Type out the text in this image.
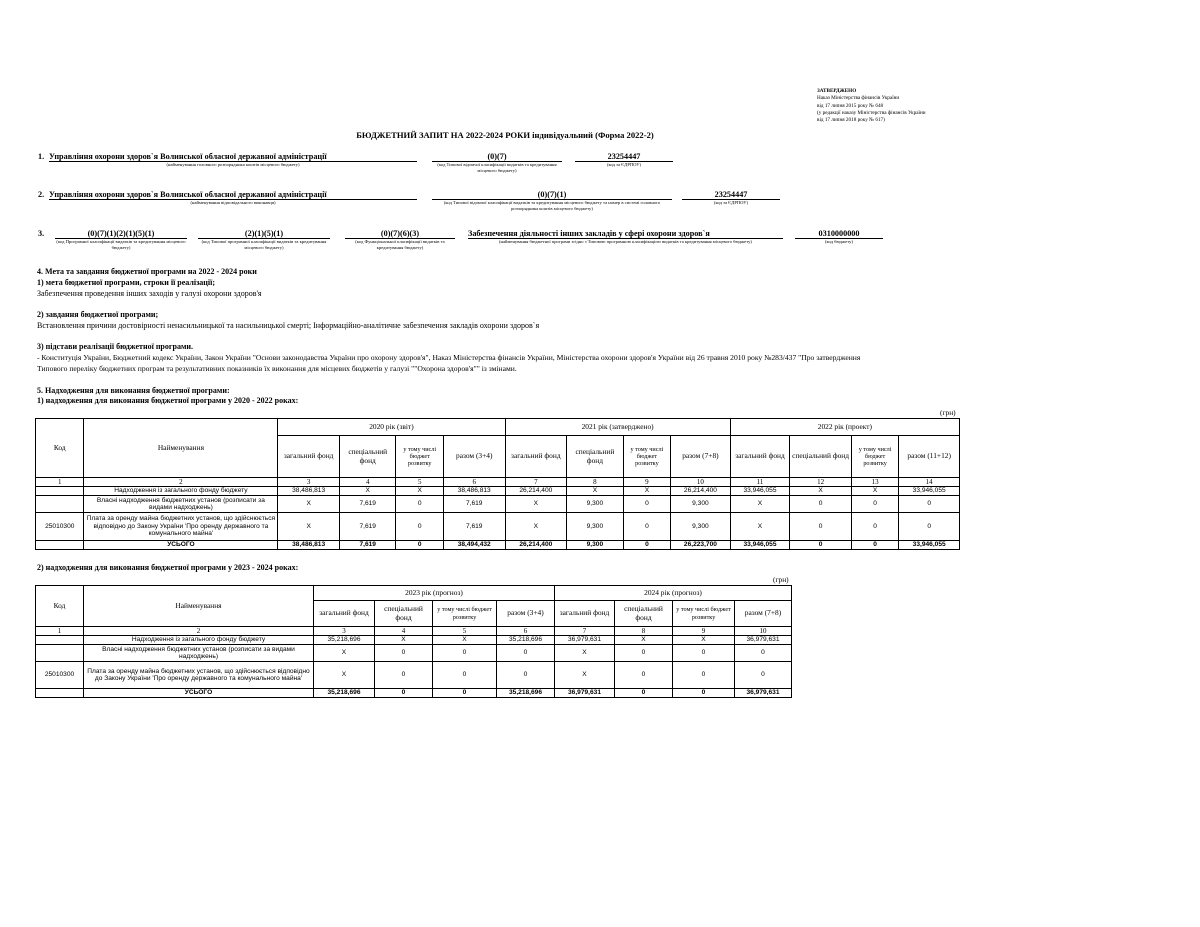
ЗАТВЕРДЖЕНО
Наказ Міністерства фінансів України
від 17 липня 2015 року № 648
(у редакції наказу Міністерства фінансів України
від 17 липня 2018 року № 617)
БЮДЖЕТНИЙ ЗАПИТ НА 2022-2024 РОКИ індивідуальний (Форма 2022-2)
1. Управління охорони здоров`я Волинської обласної державної адміністрації
(найменування головного розпорядника коштів місцевого бюджету)
(0)(7)
(код Типової відомчої класифікації видатків та кредитування місцевого бюджету)
23254447
(код за ЄДРПОУ)
2. Управління охорони здоров`я Волинської обласної державної адміністрації
(найменування відповідального виконавця)
(0)(7)(1)
(код Типової відомчої класифікації видатків та кредитування місцевого бюджету та номер в системі головного розпорядника коштів місцевого бюджету)
23254447
(код за ЄДРПОУ)
3.	(0)(7)(1)(2)(1)(5)(1)
(код Програмної класифікації видатків та кредитування місцевого бюджету)
(2)(1)(5)(1)
(код Типової програмної класифікації видатків та кредитування місцевого бюджету)
(0)(7)(6)(3)
(код Функціональної класифікації видатків та кредитування бюджету)
Забезпечення діяльності інших закладів у сфері охорони здоров`я
(найменування бюджетної програми згідно з Типовою програмною класифікацією видатків та кредитування місцевого бюджету)
0310000000
(код бюджету)
4. Мета та завдання бюджетної програми на 2022 - 2024 роки
1) мета бюджетної програми, строки її реалізації;
Забезпечення проведення інших заходів у галузі охорони здоров'я
2) завдання бюджетної програми;
Встановлення причини достовірності ненасильницької та насильницької смерті; Інформаційно-аналітичне забезпечення закладів охорони здоров`я
3) підстави реалізації бюджетної програми.
- Конституція України, Бюджетний кодекс України, Закон України "Основи законодавства України про охорону здоров'я", Наказ Міністерства фінансів України, Міністерства охорони здоров'я України від 26 травня 2010 року №283/437 "Про затвердження
Типового переліку бюджетних програм та результативних показників їх виконання для місцевих бюджетів у галузі ""Охорона здоров'я"" із змінами.
5. Надходження для виконання бюджетної програми:
1) надходження для виконання бюджетної програми у 2020 - 2022 роках:
(грн)
Код	Найменування	2020 рік (звіт)				2021 рік (затверджено)				2022 рік (проект)			
		загальний фонд	спеціальний фонд	у тому числі бюджет розвитку	разом (3+4)	загальний фонд	спеціальний фонд	у тому числі бюджет розвитку	разом (7+8)	загальний фонд	спеціальний фонд	у тому числі бюджет розвитку	разом (11+12)
1	2	3	4	5	6	7	8	9	10	11	12	13	14
	Надходження із загального фонду бюджету	38,486,813	X	X	38,486,813	26,214,400	X	X	26,214,400	33,946,055	X	X	33,946,055
	Власні надходження бюджетних установ (розписати за видами надходжень)	X	7,619	0	7,619	X	9,300	0	9,300	X	0	0	0
25010300	Плата за оренду майна бюджетних установ, що здійснюється відповідно до Закону України 'Про оренду державного та комунального майна'	X	7,619	0	7,619	X	9,300	0	9,300	X	0	0	0
	УСЬОГО	38,486,813	7,619	0	38,494,432	26,214,400	9,300	0	26,223,700	33,946,055	0	0	33,946,055
2) надходження для виконання бюджетної програми у 2023 - 2024 роках:
(грн)
Код	Найменування	2023 рік (прогноз)				2024 рік (прогноз)			
		загальний фонд	спеціальний фонд	у тому числі бюджет розвитку	разом (3+4)	загальний фонд	спеціальний фонд	у тому числі бюджет розвитку	разом (7+8)
1	2	3	4	5	6	7	8	9	10
	Надходження із загального фонду бюджету	35,218,696	X	X	35,218,696	36,979,631	X	X	36,979,631
	Власні надходження бюджетних установ (розписати за видами надходжень)	X	0	0	0	X	0	0	0
25010300	Плата за оренду майна бюджетних установ, що здійснюється відповідно до Закону України 'Про оренду державного та комунального майна'	X	0	0	0	X	0	0	0
	УСЬОГО	35,218,696	0	0	35,218,696	36,979,631	0	0	36,979,631
